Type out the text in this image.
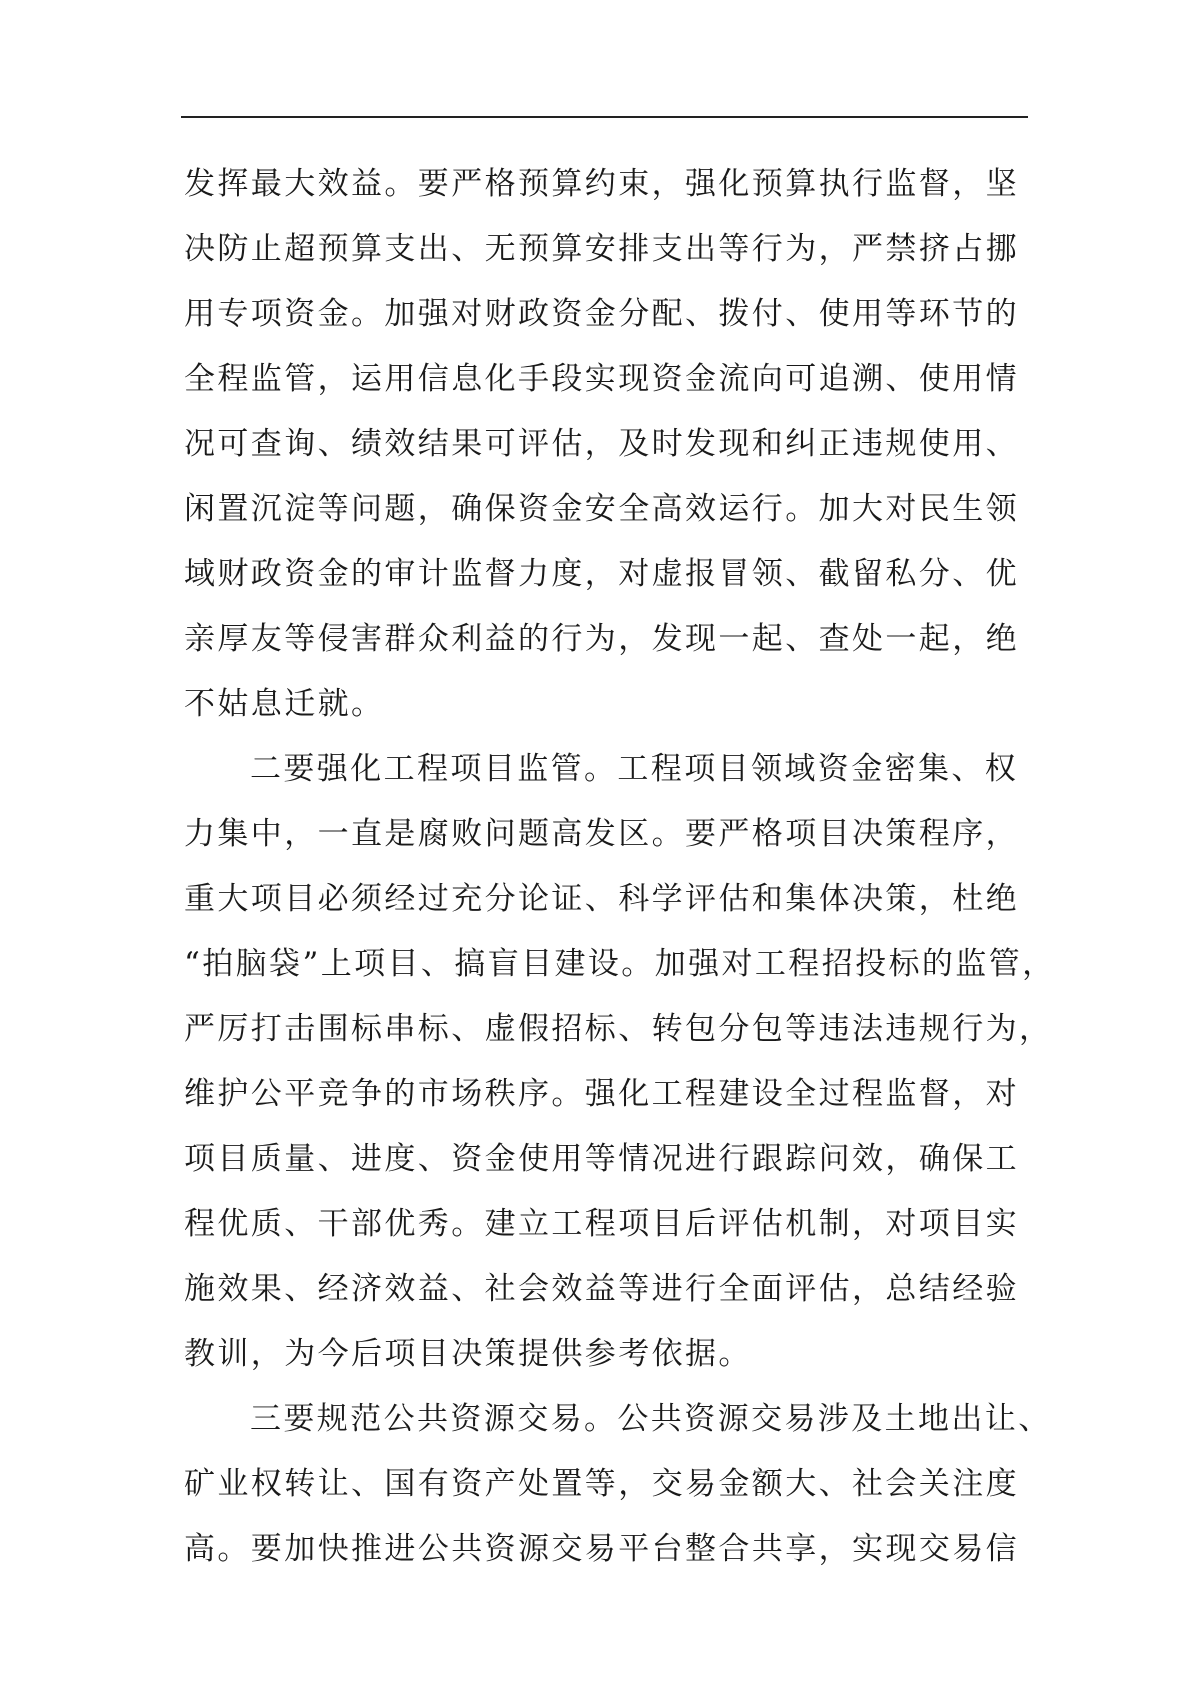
发挥最大效益。要严格预算约束，强化预算执行监督，坚
决防止超预算支出、无预算安排支出等行为，严禁挤占挪
用专项资金。加强对财政资金分配、拨付、使用等环节的
全程监管，运用信息化手段实现资金流向可追溯、使用情
况可查询、绩效结果可评估，及时发现和纠正违规使用、
闲置沉淀等问题，确保资金安全高效运行。加大对民生领
域财政资金的审计监督力度，对虚报冒领、截留私分、优
亲厚友等侵害群众利益的行为，发现一起、查处一起，绝
不姑息迁就。
二要强化工程项目监管。工程项目领域资金密集、权
力集中，一直是腐败问题高发区。要严格项目决策程序，
重大项目必须经过充分论证、科学评估和集体决策，杜绝
“拍脑袋”上项目、搞盲目建设。加强对工程招投标的监管，
严厉打击围标串标、虚假招标、转包分包等违法违规行为，
维护公平竞争的市场秩序。强化工程建设全过程监督，对
项目质量、进度、资金使用等情况进行跟踪问效，确保工
程优质、干部优秀。建立工程项目后评估机制，对项目实
施效果、经济效益、社会效益等进行全面评估，总结经验
教训，为今后项目决策提供参考依据。
三要规范公共资源交易。公共资源交易涉及土地出让、
矿业权转让、国有资产处置等，交易金额大、社会关注度
高。要加快推进公共资源交易平台整合共享，实现交易信
